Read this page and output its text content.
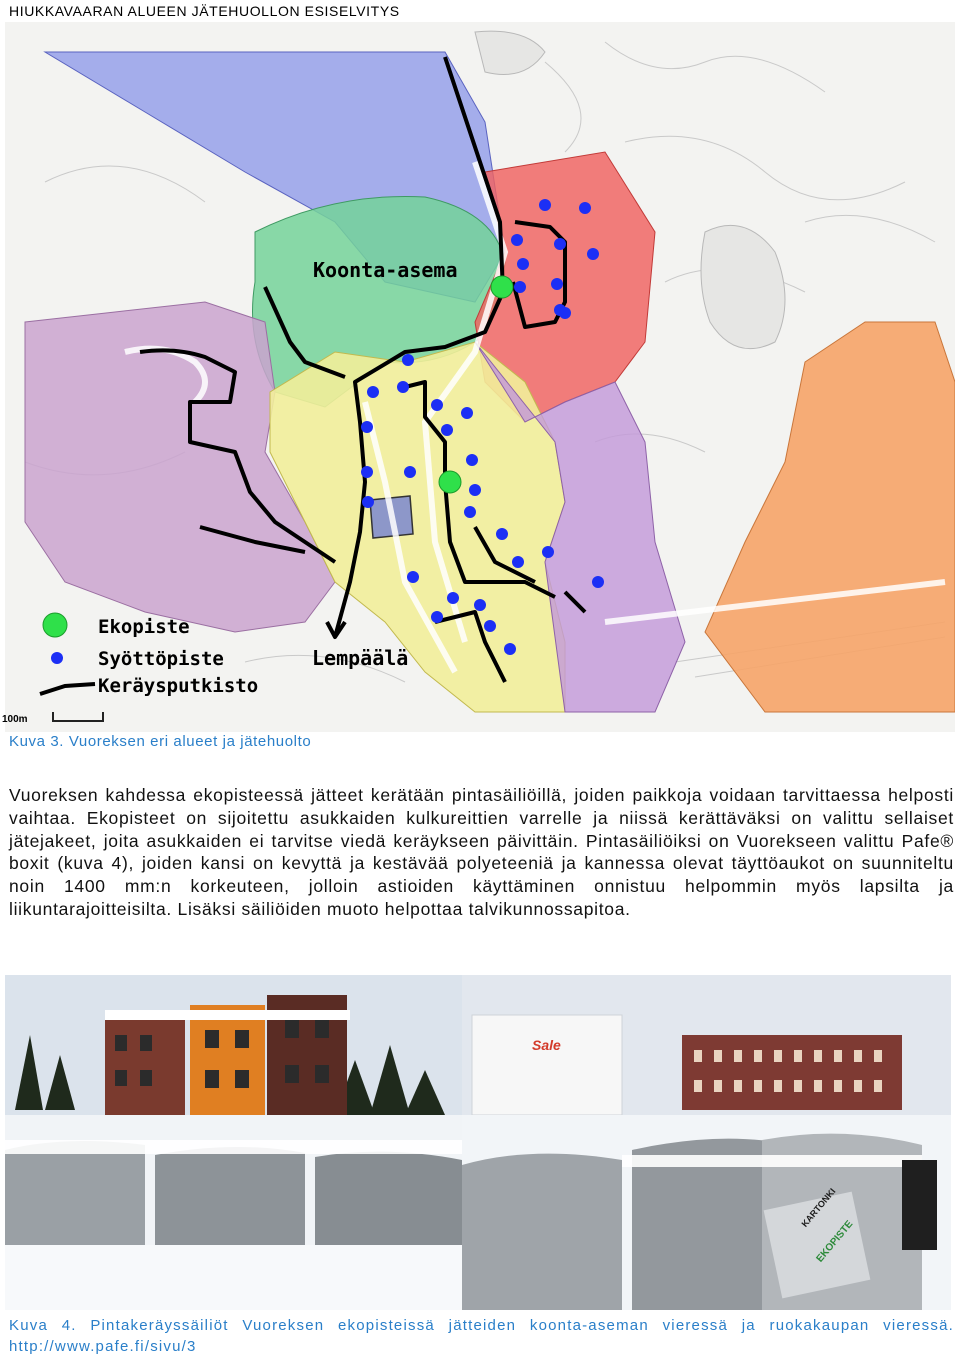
HIUKKAVAARAN ALUEEN JÄTEHUOLLON ESISELVITYS
Koonta-asema
Lempäälä
Ekopiste
Syöttöpiste
Keräysputkisto
100m
Kuva 3. Vuoreksen eri alueet ja jätehuolto

Vuoreksen kahdessa ekopisteessä jätteet kerätään pintasäiliöillä, joiden paikkoja voidaan tarvittaessa helposti vaihtaa. Ekopisteet on sijoitettu asukkaiden kulkureittien varrelle ja niissä kerättäväksi on valittu sellaiset jätejakeet, joita asukkaiden ei tarvitse viedä keräykseen päivittäin. Pintasäiliöiksi on Vuorekseen valittu Pafe® boxit (kuva 4), joiden kansi on kevyttä ja kestävää polyeteeniä ja kannessa olevat täyttöaukot on suunniteltu noin 1400 mm:n korkeuteen, jolloin astioiden käyttäminen onnistuu helpommin myös lapsilta ja liikuntarajoitteisilta. Lisäksi säiliöiden muoto helpottaa talvikunnossapitoa.

Sale
KARTONKI
EKOPISTE
Kuva 4. Pintakeräyssäiliöt Vuoreksen ekopisteissä jätteiden koonta-aseman vieressä ja ruokakaupan vieressä. http://www.pafe.fi/sivu/3
